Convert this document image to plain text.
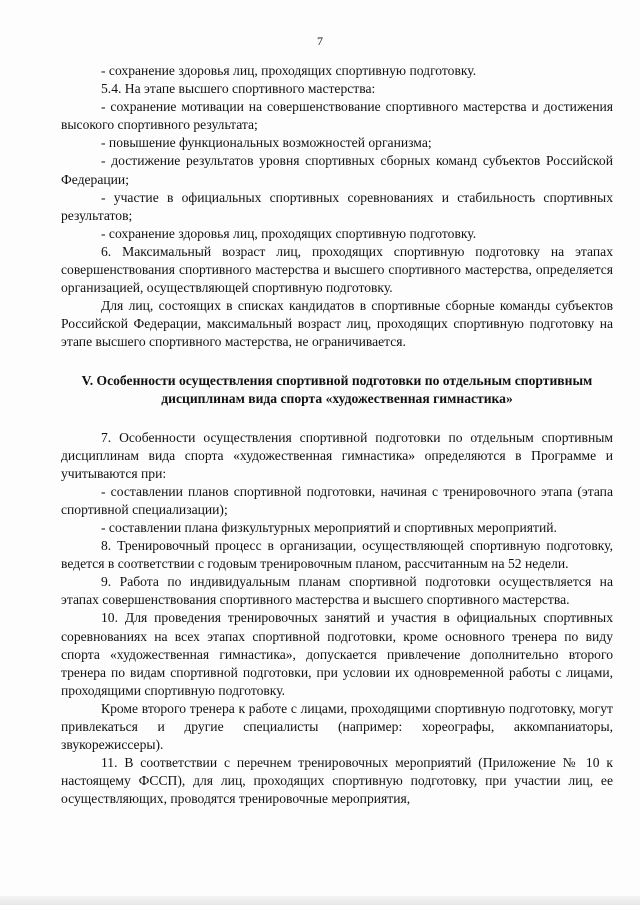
7

- сохранение здоровья лиц, проходящих спортивную подготовку.

5.4. На этапе высшего спортивного мастерства:

- сохранение мотивации на совершенствование спортивного мастерства и достижения высокого спортивного результата;

- повышение функциональных возможностей организма;

- достижение результатов уровня спортивных сборных команд субъектов Российской Федерации;

- участие в официальных спортивных соревнованиях и стабильность спортивных результатов;

- сохранение здоровья лиц, проходящих спортивную подготовку.

6. Максимальный возраст лиц, проходящих спортивную подготовку на этапах совершенствования спортивного мастерства и высшего спортивного мастерства, определяется организацией, осуществляющей спортивную подготовку.

Для лиц, состоящих в списках кандидатов в спортивные сборные команды субъектов Российской Федерации, максимальный возраст лиц, проходящих спортивную подготовку на этапе высшего спортивного мастерства, не ограничивается.

V. Особенности осуществления спортивной подготовки по отдельным спортивным дисциплинам вида спорта «художественная гимнастика»

7. Особенности осуществления спортивной подготовки по отдельным спортивным дисциплинам вида спорта «художественная гимнастика» определяются в Программе и учитываются при:

- составлении планов спортивной подготовки, начиная с тренировочного этапа (этапа спортивной специализации);

- составлении плана физкультурных мероприятий и спортивных мероприятий.

8. Тренировочный процесс в организации, осуществляющей спортивную подготовку, ведется в соответствии с годовым тренировочным планом, рассчитанным на 52 недели.

9. Работа по индивидуальным планам спортивной подготовки осуществляется на этапах совершенствования спортивного мастерства и высшего спортивного мастерства.

10. Для проведения тренировочных занятий и участия в официальных спортивных соревнованиях на всех этапах спортивной подготовки, кроме основного тренера по виду спорта «художественная гимнастика», допускается привлечение дополнительно второго тренера по видам спортивной подготовки, при условии их одновременной работы с лицами, проходящими спортивную подготовку.

Кроме второго тренера к работе с лицами, проходящими спортивную подготовку, могут привлекаться и другие специалисты (например: хореографы, аккомпаниаторы, звукорежиссеры).

11. В соответствии с перечнем тренировочных мероприятий (Приложение № 10 к настоящему ФССП), для лиц, проходящих спортивную подготовку, при участии лиц, ее осуществляющих, проводятся тренировочные мероприятия,
